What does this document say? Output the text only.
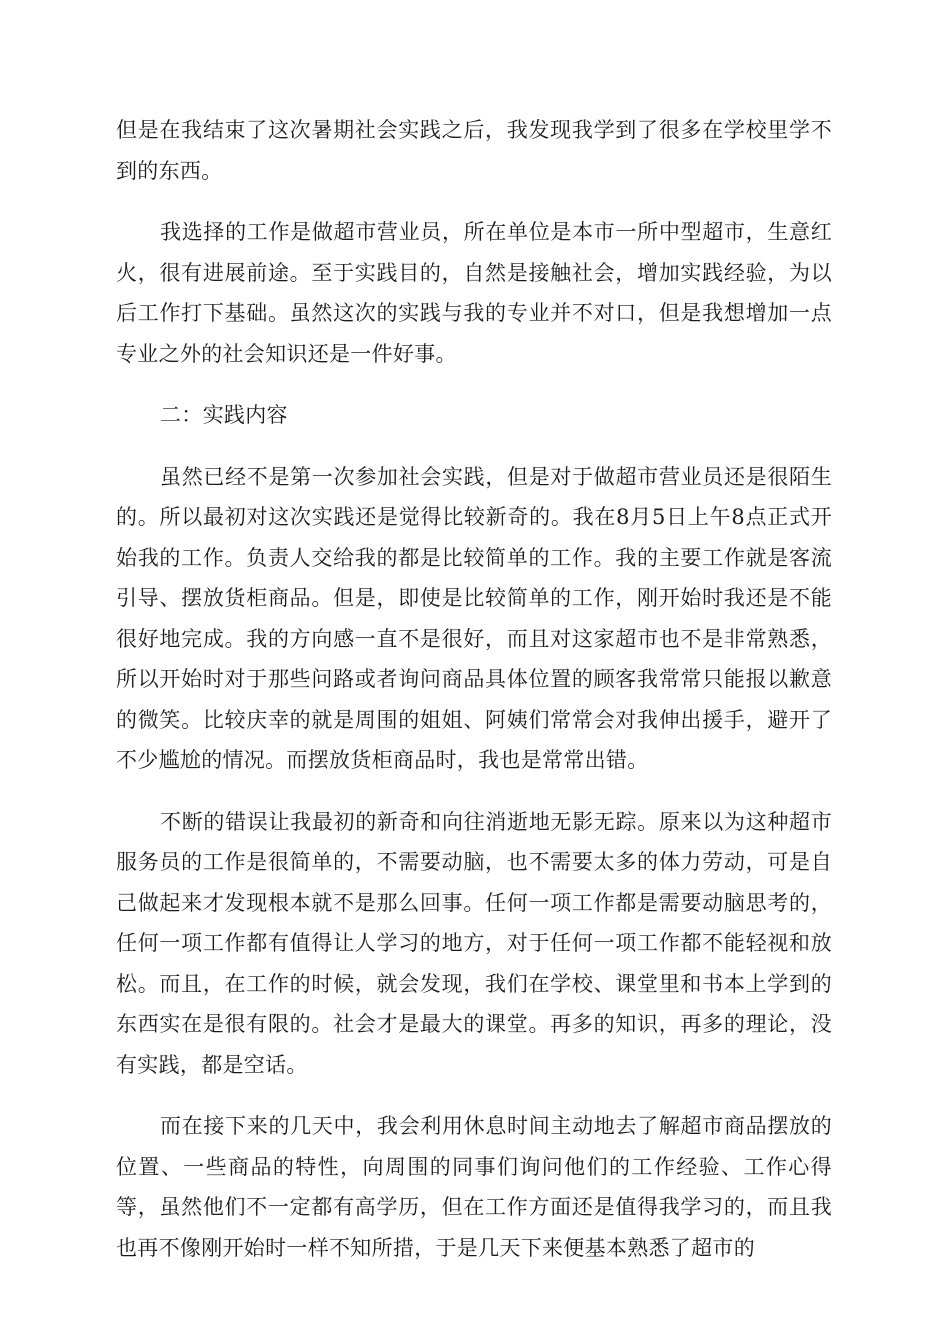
但是在我结束了这次暑期社会实践之后，我发现我学到了很多在学校里学不到的东西。

我选择的工作是做超市营业员，所在单位是本市一所中型超市，生意红火，很有进展前途。至于实践目的，自然是接触社会，增加实践经验，为以后工作打下基础。虽然这次的实践与我的专业并不对口，但是我想增加一点专业之外的社会知识还是一件好事。

二：实践内容

虽然已经不是第一次参加社会实践，但是对于做超市营业员还是很陌生的。所以最初对这次实践还是觉得比较新奇的。我在8月5日上午8点正式开始我的工作。负责人交给我的都是比较简单的工作。我的主要工作就是客流引导、摆放货柜商品。但是，即使是比较简单的工作，刚开始时我还是不能很好地完成。我的方向感一直不是很好，而且对这家超市也不是非常熟悉，所以开始时对于那些问路或者询问商品具体位置的顾客我常常只能报以歉意的微笑。比较庆幸的就是周围的姐姐、阿姨们常常会对我伸出援手，避开了不少尴尬的情况。而摆放货柜商品时，我也是常常出错。

不断的错误让我最初的新奇和向往消逝地无影无踪。原来以为这种超市服务员的工作是很简单的，不需要动脑，也不需要太多的体力劳动，可是自己做起来才发现根本就不是那么回事。任何一项工作都是需要动脑思考的，任何一项工作都有值得让人学习的地方，对于任何一项工作都不能轻视和放松。而且，在工作的时候，就会发现，我们在学校、课堂里和书本上学到的东西实在是很有限的。社会才是最大的课堂。再多的知识，再多的理论，没有实践，都是空话。

而在接下来的几天中，我会利用休息时间主动地去了解超市商品摆放的位置、一些商品的特性，向周围的同事们询问他们的工作经验、工作心得等，虽然他们不一定都有高学历，但在工作方面还是值得我学习的，而且我也再不像刚开始时一样不知所措，于是几天下来便基本熟悉了超市的
